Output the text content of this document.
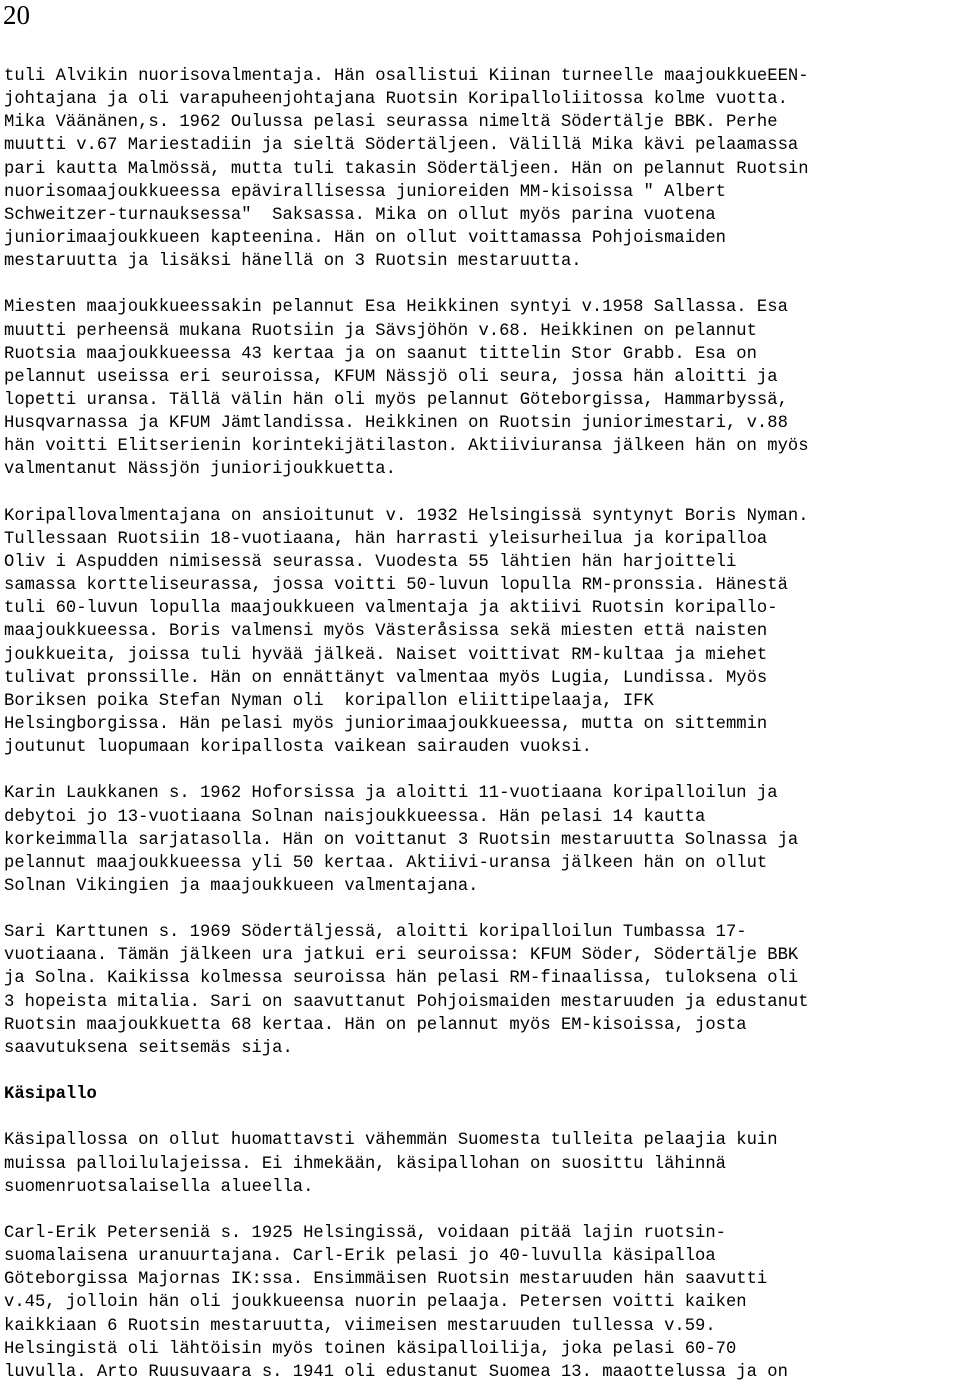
20
tuli Alvikin nuorisovalmentaja. Hän osallistui Kiinan turneelle maajoukkueEEN-
johtajana ja oli varapuheenjohtajana Ruotsin Koripalloliitossa kolme vuotta.
Mika Väänänen,s. 1962 Oulussa pelasi seurassa nimeltä Södertälje BBK. Perhe
muutti v.67 Mariestadiin ja sieltä Södertäljeen. Välillä Mika kävi pelaamassa
pari kautta Malmössä, mutta tuli takasin Södertäljeen. Hän on pelannut Ruotsin
nuorisomaajoukkueessa epävirallisessa junioreiden MM-kisoissa " Albert
Schweitzer-turnauksessa"  Saksassa. Mika on ollut myös parina vuotena
juniorimaajoukkueen kapteenina. Hän on ollut voittamassa Pohjoismaiden
mestaruutta ja lisäksi hänellä on 3 Ruotsin mestaruutta.
Miesten maajoukkueessakin pelannut Esa Heikkinen syntyi v.1958 Sallassa. Esa
muutti perheensä mukana Ruotsiin ja Sävsjöhön v.68. Heikkinen on pelannut
Ruotsia maajoukkueessa 43 kertaa ja on saanut tittelin Stor Grabb. Esa on
pelannut useissa eri seuroissa, KFUM Nässjö oli seura, jossa hän aloitti ja
lopetti uransa. Tällä välin hän oli myös pelannut Göteborgissa, Hammarbyssä,
Husqvarnassa ja KFUM Jämtlandissa. Heikkinen on Ruotsin juniorimestari, v.88
hän voitti Elitserienin korintekijätilaston. Aktiiviuransa jälkeen hän on myös
valmentanut Nässjön juniorijoukkuetta.
Koripallovalmentajana on ansioitunut v. 1932 Helsingissä syntynyt Boris Nyman.
Tullessaan Ruotsiin 18-vuotiaana, hän harrasti yleisurheilua ja koripalloa
Oliv i Aspudden nimisessä seurassa. Vuodesta 55 lähtien hän harjoitteli
samassa kortteliseurassa, jossa voitti 50-luvun lopulla RM-pronssia. Hänestä
tuli 60-luvun lopulla maajoukkueen valmentaja ja aktiivi Ruotsin koripallo-
maajoukkueessa. Boris valmensi myös Västeråsissa sekä miesten että naisten
joukkueita, joissa tuli hyvää jälkeä. Naiset voittivat RM-kultaa ja miehet
tulivat pronssille. Hän on ennättänyt valmentaa myös Lugia, Lundissa. Myös
Boriksen poika Stefan Nyman oli  koripallon eliittipelaaja, IFK
Helsingborgissa. Hän pelasi myös juniorimaajoukkueessa, mutta on sittemmin
joutunut luopumaan koripallosta vaikean sairauden vuoksi.
Karin Laukkanen s. 1962 Hoforsissa ja aloitti 11-vuotiaana koripalloilun ja
debytoi jo 13-vuotiaana Solnan naisjoukkueessa. Hän pelasi 14 kautta
korkeimmalla sarjatasolla. Hän on voittanut 3 Ruotsin mestaruutta Solnassa ja
pelannut maajoukkueessa yli 50 kertaa. Aktiivi-uransa jälkeen hän on ollut
Solnan Vikingien ja maajoukkueen valmentajana.
Sari Karttunen s. 1969 Södertäljessä, aloitti koripalloilun Tumbassa 17-
vuotiaana. Tämän jälkeen ura jatkui eri seuroissa: KFUM Söder, Södertälje BBK
ja Solna. Kaikissa kolmessa seuroissa hän pelasi RM-finaalissa, tuloksena oli
3 hopeista mitalia. Sari on saavuttanut Pohjoismaiden mestaruuden ja edustanut
Ruotsin maajoukkuetta 68 kertaa. Hän on pelannut myös EM-kisoissa, josta
saavutuksena seitsemäs sija.
Käsipallo
Käsipallossa on ollut huomattavsti vähemmän Suomesta tulleita pelaajia kuin
muissa palloilulajeissa. Ei ihmekään, käsipallohan on suosittu lähinnä
suomenruotsalaisella alueella.
Carl-Erik Peterseniä s. 1925 Helsingissä, voidaan pitää lajin ruotsin-
suomalaisena uranuurtajana. Carl-Erik pelasi jo 40-luvulla käsipalloa
Göteborgissa Majornas IK:ssa. Ensimmäisen Ruotsin mestaruuden hän saavutti
v.45, jolloin hän oli joukkueensa nuorin pelaaja. Petersen voitti kaiken
kaikkiaan 6 Ruotsin mestaruutta, viimeisen mestaruuden tullessa v.59.
Helsingistä oli lähtöisin myös toinen käsipalloilija, joka pelasi 60-70
luvulla. Arto Ruusuvaara s. 1941 oli edustanut Suomea 13. maaottelussa ja on
